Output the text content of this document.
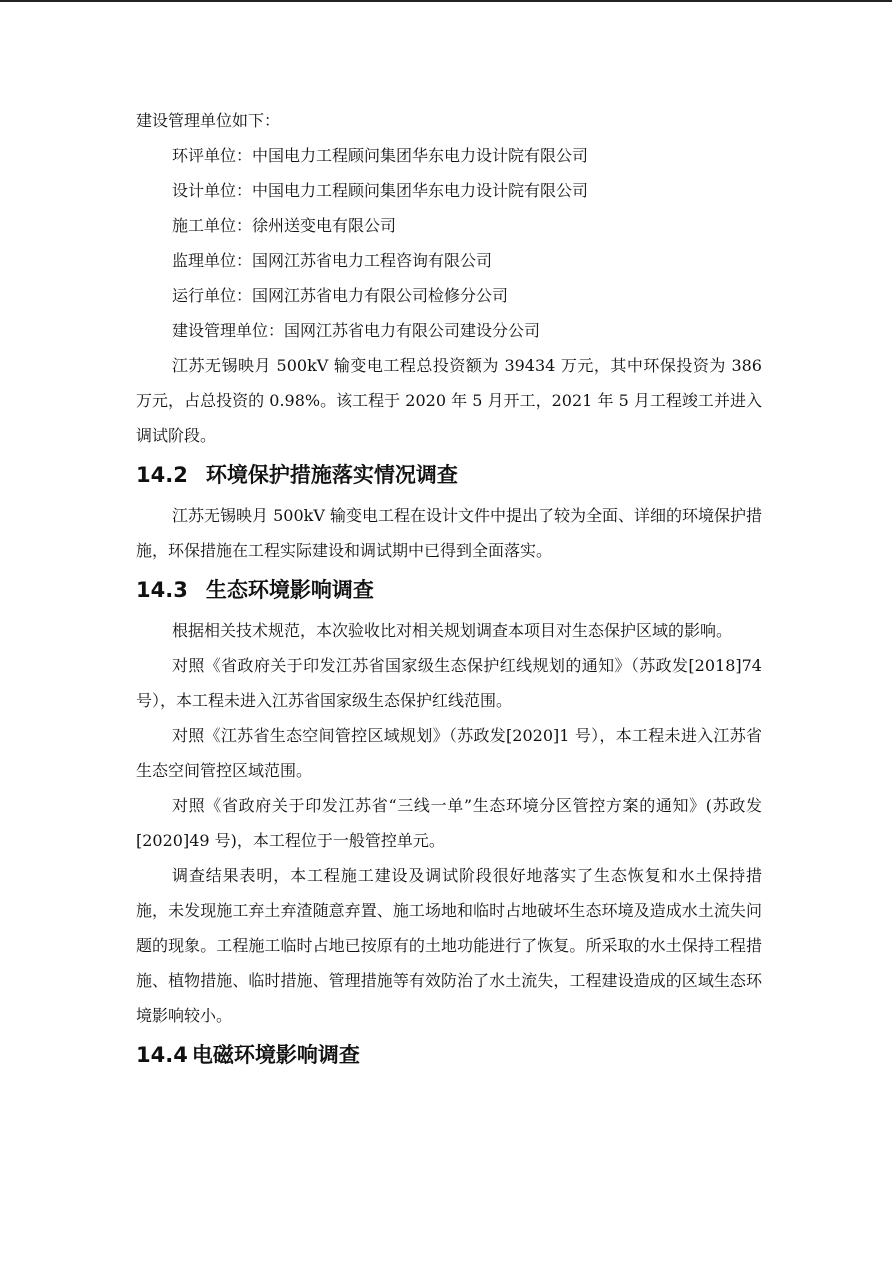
建设管理单位如下：

环评单位：中国电力工程顾问集团华东电力设计院有限公司

设计单位：中国电力工程顾问集团华东电力设计院有限公司

施工单位：徐州送变电有限公司

监理单位：国网江苏省电力工程咨询有限公司

运行单位：国网江苏省电力有限公司检修分公司

建设管理单位：国网江苏省电力有限公司建设分公司

江苏无锡映月 500kV 输变电工程总投资额为 39434 万元，其中环保投资为 386 万元，占总投资的 0.98%。该工程于 2020 年 5 月开工，2021 年 5 月工程竣工并进入调试阶段。

14.2 环境保护措施落实情况调查

江苏无锡映月 500kV 输变电工程在设计文件中提出了较为全面、详细的环境保护措施，环保措施在工程实际建设和调试期中已得到全面落实。

14.3 生态环境影响调查

根据相关技术规范，本次验收比对相关规划调查本项目对生态保护区域的影响。

对照《省政府关于印发江苏省国家级生态保护红线规划的通知》（苏政发[2018]74 号），本工程未进入江苏省国家级生态保护红线范围。

对照《江苏省生态空间管控区域规划》（苏政发[2020]1 号），本工程未进入江苏省生态空间管控区域范围。

对照《省政府关于印发江苏省“三线一单”生态环境分区管控方案的通知》(苏政发[2020]49 号)，本工程位于一般管控单元。

调查结果表明，本工程施工建设及调试阶段很好地落实了生态恢复和水土保持措施，未发现施工弃土弃渣随意弃置、施工场地和临时占地破坏生态环境及造成水土流失问题的现象。工程施工临时占地已按原有的土地功能进行了恢复。所采取的水土保持工程措施、植物措施、临时措施、管理措施等有效防治了水土流失，工程建设造成的区域生态环境影响较小。

14.4 电磁环境影响调查
